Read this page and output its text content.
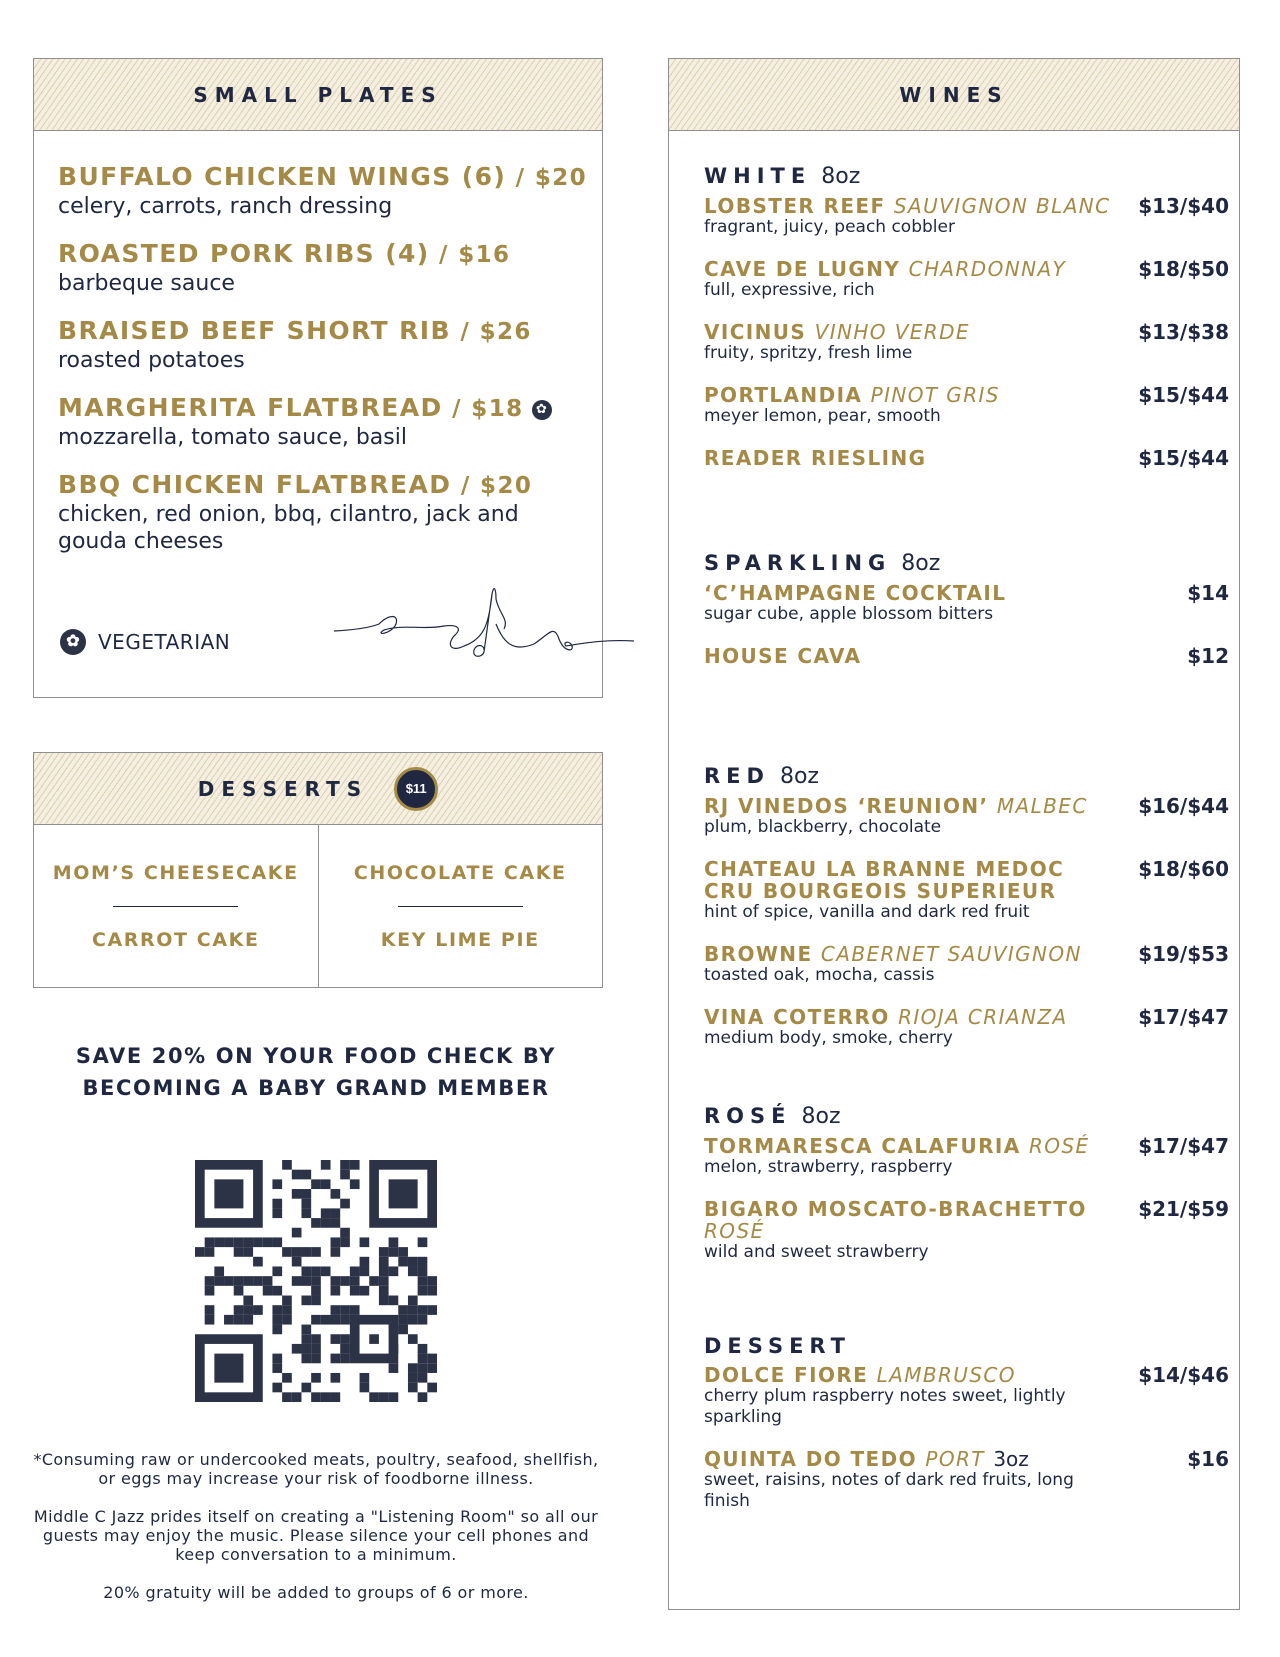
SMALL PLATES
BUFFALO CHICKEN WINGS (6) / $20
celery, carrots, ranch dressing
ROASTED PORK RIBS (4) / $16
barbeque sauce
BRAISED BEEF SHORT RIB / $26
roasted potatoes
MARGHERITA FLATBREAD / $18 ✿
mozzarella, tomato sauce, basil
BBQ CHICKEN FLATBREAD / $20
chicken, red onion, bbq, cilantro, jack and gouda cheeses
✿ VEGETARIAN
DESSERTS	$11
MOM’S CHEESECAKE
CARROT CAKE
CHOCOLATE CAKE
KEY LIME PIE
SAVE 20% ON YOUR FOOD CHECK BY
BECOMING A BABY GRAND MEMBER

*Consuming raw or undercooked meats, poultry, seafood, shellfish, or eggs may increase your risk of foodborne illness.

Middle C Jazz prides itself on creating a "Listening Room" so all our guests may enjoy the music. Please silence your cell phones and keep conversation to a minimum.

20% gratuity will be added to groups of 6 or more.

WINES
WHITE 8oz
LOBSTER REEF SAUVIGNON BLANC $13/$40
fragrant, juicy, peach cobbler
CAVE DE LUGNY CHARDONNAY	$18/$50
full, expressive, rich
VICINUS VINHO VERDE	$13/$38
fruity, spritzy, fresh lime
PORTLANDIA PINOT GRIS	$15/$44
meyer lemon, pear, smooth
READER RIESLING	$15/$44
SPARKLING 8oz
‘C’HAMPAGNE COCKTAIL	$14
sugar cube, apple blossom bitters
HOUSE CAVA	$12
RED 8oz
RJ VINEDOS ‘REUNION’ MALBEC	$16/$44
plum, blackberry, chocolate
CHATEAU LA BRANNE MEDOC CRU BOURGEOIS SUPERIEUR
$18/$60
hint of spice, vanilla and dark red fruit
BROWNE CABERNET SAUVIGNON	$19/$53
toasted oak, mocha, cassis
VINA COTERRO RIOJA CRIANZA	$17/$47
medium body, smoke, cherry
ROSÉ 8oz
TORMARESCA CALAFURIA ROSÉ	$17/$47
melon, strawberry, raspberry
BIGARO MOSCATO-BRACHETTO ROSÉ
$21/$59
wild and sweet strawberry
DESSERT
DOLCE FIORE LAMBRUSCO	$14/$46
cherry plum raspberry notes sweet, lightly sparkling
QUINTA DO TEDO PORT 3oz	$16
sweet, raisins, notes of dark red fruits, long finish
